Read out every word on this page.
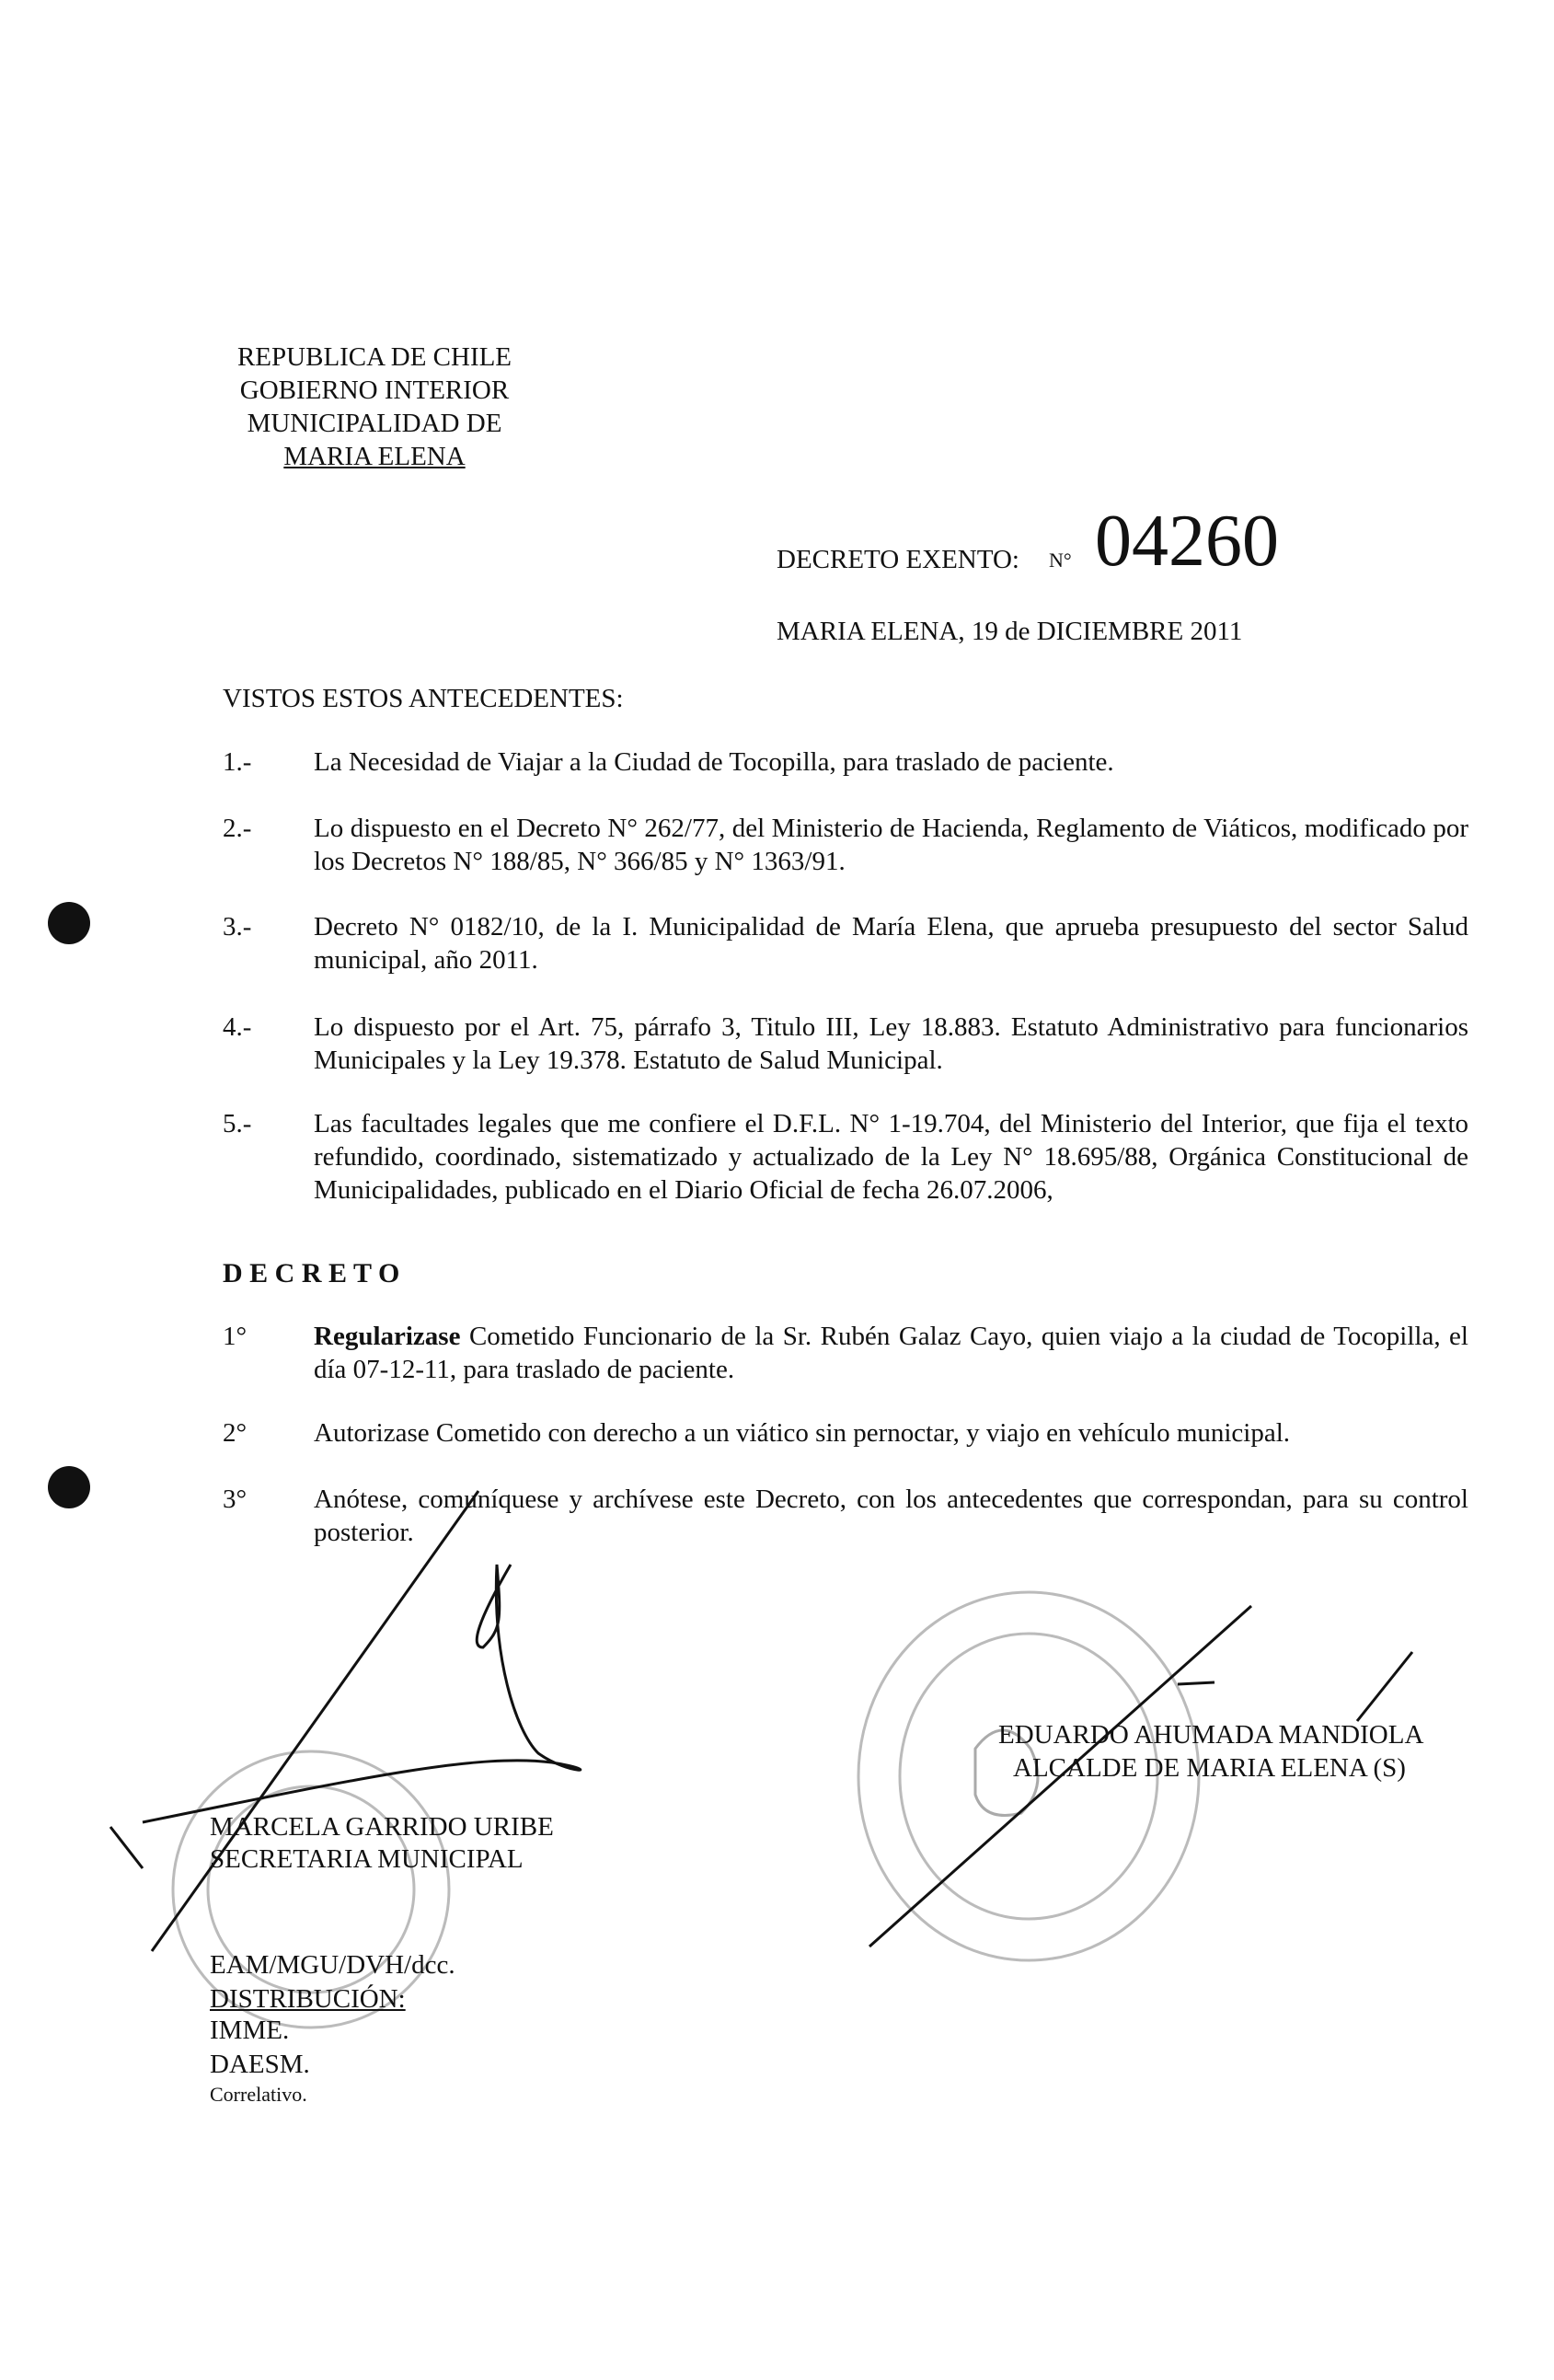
REPUBLICA DE CHILE
GOBIERNO INTERIOR
MUNICIPALIDAD DE
MARIA ELENA
DECRETO EXENTO: N° 04260
MARIA ELENA, 19 de DICIEMBRE 2011
VISTOS ESTOS ANTECEDENTES:
1.- La Necesidad de Viajar a la Ciudad de Tocopilla, para traslado de paciente.
2.- Lo dispuesto en el Decreto N° 262/77, del Ministerio de Hacienda, Reglamento de Viáticos, modificado por los Decretos N° 188/85, N° 366/85 y N° 1363/91.
3.- Decreto N° 0182/10, de la I. Municipalidad de María Elena, que aprueba presupuesto del sector Salud municipal, año 2011.
4.- Lo dispuesto por el Art. 75, párrafo 3, Titulo III, Ley 18.883. Estatuto Administrativo para funcionarios Municipales y la Ley 19.378. Estatuto de Salud Municipal.
5.- Las facultades legales que me confiere el D.F.L. N° 1-19.704, del Ministerio del Interior, que fija el texto refundido, coordinado, sistematizado y actualizado de la Ley N° 18.695/88, Orgánica Constitucional de Municipalidades, publicado en el Diario Oficial de fecha 26.07.2006,
D E C R E T O
1°	Regularizase Cometido Funcionario de la Sr. Rubén Galaz Cayo, quien viajo a la ciudad de Tocopilla, el día 07-12-11, para traslado de paciente.
2°	Autorizase Cometido con derecho a un viático sin pernoctar, y viajo en vehículo municipal.
3°	Anótese, comuníquese y archívese este Decreto, con los antecedentes que correspondan, para su control posterior.
EDUARDO AHUMADA MANDIOLA
ALCALDE DE MARIA ELENA (S)
MARCELA GARRIDO URIBE
SECRETARIA MUNICIPAL
EAM/MGU/DVH/dcc.
DISTRIBUCIÓN:
IMME.
DAESM.
Correlativo.
